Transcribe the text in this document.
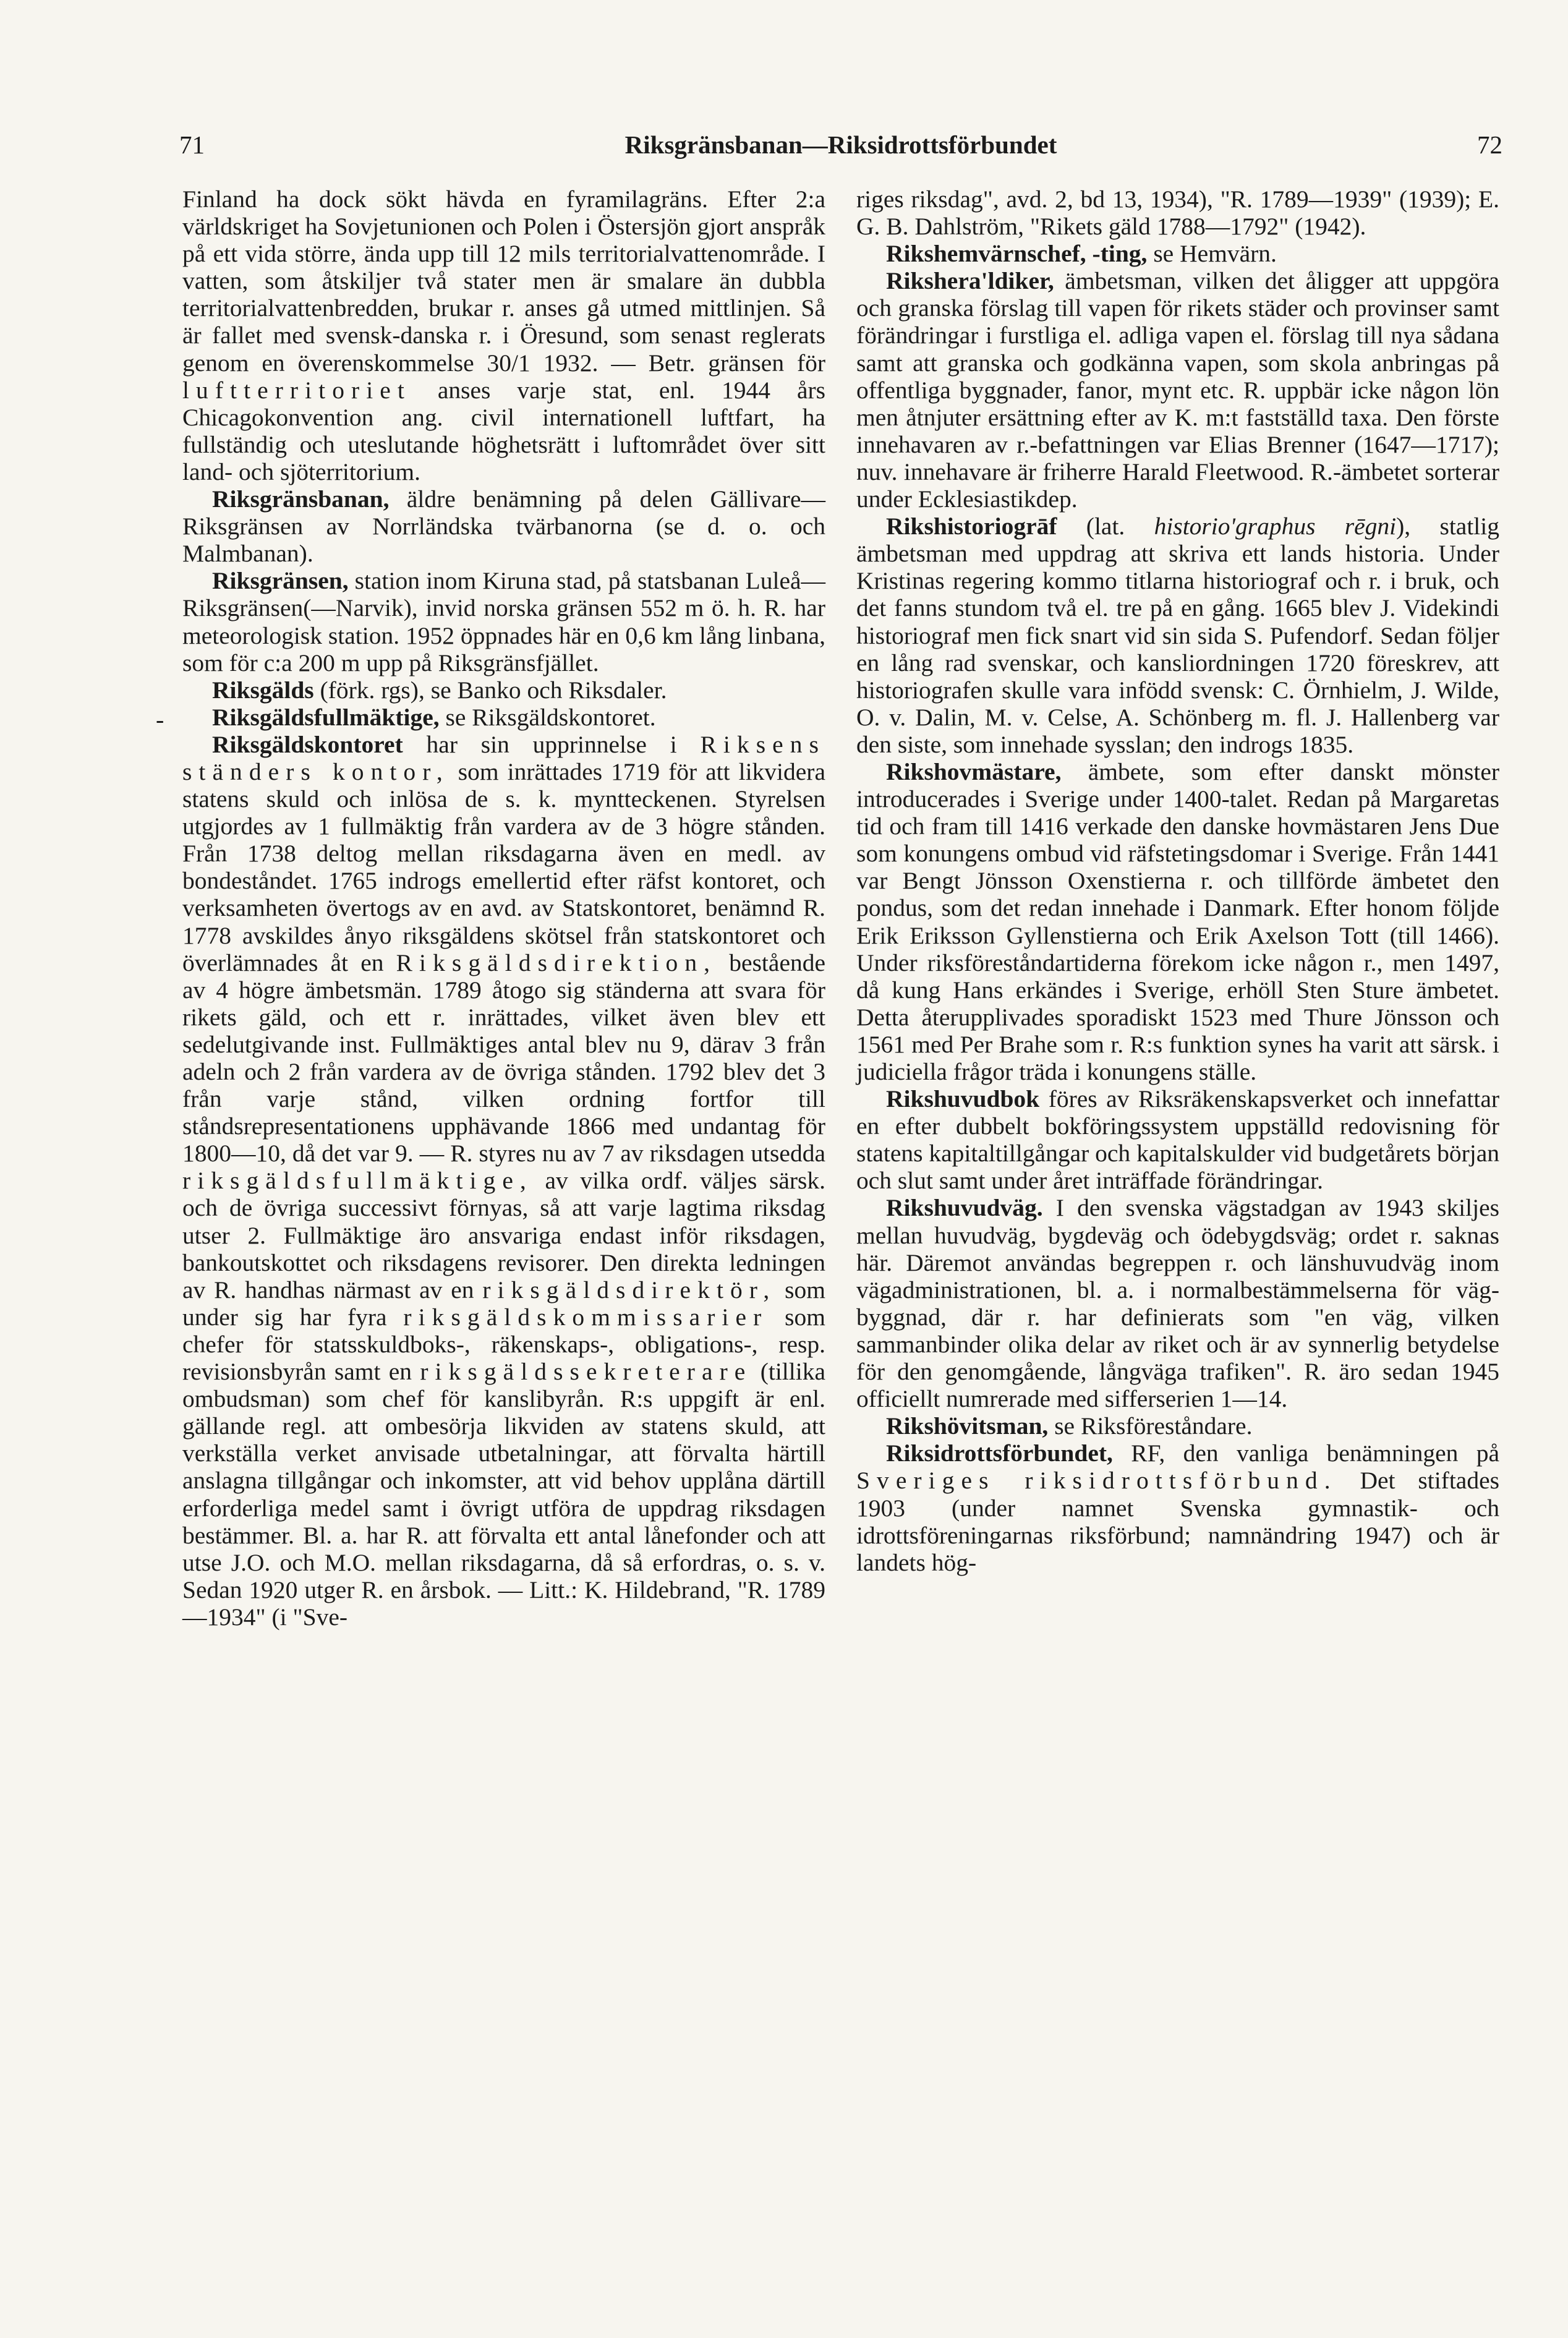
71	Riksgränsbanan—Riksidrottsförbundet	72
-

Finland ha dock sökt hävda en fyramilagräns. Efter 2:a världskriget ha Sovjetunionen och Polen i Östersjön gjort anspråk på ett vida större, ända upp till 12 mils territorialvattenområde. I vatten, som åtskiljer två stater men är smalare än dubbla territorialvattenbredden, brukar r. anses gå utmed mittlinjen. Så är fallet med svensk-danska r. i Öresund, som senast reglerats genom en överenskommelse 30/1 1932. — Betr. gränsen för luftterritoriet anses varje stat, enl. 1944 års Chicagokonvention ang. civil internationell luftfart, ha fullständig och uteslutande höghetsrätt i luftområdet över sitt land- och sjöterritorium.

Riksgränsbanan, äldre benämning på delen Gällivare—Riksgränsen av Norrländska tvärbanorna (se d. o. och Malmbanan).

Riksgränsen, station inom Kiruna stad, på statsbanan Luleå—Riksgränsen(—Narvik), invid norska gränsen 552 m ö. h. R. har meteorologisk station. 1952 öppnades här en 0,6 km lång linbana, som för c:a 200 m upp på Riksgränsfjället.

Riksgälds (förk. rgs), se Banko och Riksdaler.

Riksgäldsfullmäktige, se Riksgäldskontoret.

Riksgäldskontoret har sin upprinnelse i Riksens ständers kontor, som inrättades 1719 för att likvidera statens skuld och inlösa de s. k. myntteckenen. Styrelsen utgjordes av 1 fullmäktig från vardera av de 3 högre stånden. Från 1738 deltog mellan riksdagarna även en medl. av bondeståndet. 1765 indrogs emellertid efter räfst kontoret, och verksamheten övertogs av en avd. av Statskontoret, benämnd R. 1778 avskildes ånyo riksgäldens skötsel från statskontoret och överlämnades åt en Riksgäldsdirektion, bestående av 4 högre ämbetsmän. 1789 åtogo sig ständerna att svara för rikets gäld, och ett r. inrättades, vilket även blev ett sedelutgivande inst. Fullmäktiges antal blev nu 9, därav 3 från adeln och 2 från vardera av de övriga stånden. 1792 blev det 3 från varje stånd, vilken ordning fortfor till ståndsrepresentationens upphävande 1866 med undantag för 1800—10, då det var 9. — R. styres nu av 7 av riksdagen utsedda riksgäldsfullmäktige, av vilka ordf. väljes särsk. och de övriga successivt förnyas, så att varje lagtima riksdag utser 2. Fullmäktige äro ansvariga endast inför riksdagen, bankoutskottet och riksdagens revisorer. Den direkta ledningen av R. handhas närmast av en riksgäldsdirektör, som under sig har fyra riksgäldskommissarier som chefer för statsskuldboks-, räkenskaps-, obligations-, resp. revisionsbyrån samt en riksgäldssekreterare (tillika ombudsman) som chef för kanslibyrån. R:s uppgift är enl. gällande regl. att ombesörja likviden av statens skuld, att verkställa verket anvisade utbetalningar, att förvalta härtill anslagna tillgångar och inkomster, att vid behov upplåna därtill erforderliga medel samt i övrigt utföra de uppdrag riksdagen bestämmer. Bl. a. har R. att förvalta ett antal lånefonder och att utse J.O. och M.O. mellan riksdagarna, då så erfordras, o. s. v. Sedan 1920 utger R. en årsbok. — Litt.: K. Hildebrand, "R. 1789—1934" (i "Sve-

riges riksdag", avd. 2, bd 13, 1934), "R. 1789—1939" (1939); E. G. B. Dahlström, "Rikets gäld 1788—1792" (1942).

Rikshemvärnschef, -ting, se Hemvärn.

Rikshera'ldiker, ämbetsman, vilken det åligger att uppgöra och granska förslag till vapen för rikets städer och provinser samt förändringar i furstliga el. adliga vapen el. förslag till nya sådana samt att granska och godkänna vapen, som skola anbringas på offentliga byggnader, fanor, mynt etc. R. uppbär icke någon lön men åtnjuter ersättning efter av K. m:t fastställd taxa. Den förste innehavaren av r.-befattningen var Elias Brenner (1647—1717); nuv. innehavare är friherre Harald Fleetwood. R.-ämbetet sorterar under Ecklesiastikdep.

Rikshistoriogrāf (lat. historio'graphus rēgni), statlig ämbetsman med uppdrag att skriva ett lands historia. Under Kristinas regering kommo titlarna historiograf och r. i bruk, och det fanns stundom två el. tre på en gång. 1665 blev J. Videkindi historiograf men fick snart vid sin sida S. Pufendorf. Sedan följer en lång rad svenskar, och kansliordningen 1720 föreskrev, att historiografen skulle vara infödd svensk: C. Örnhielm, J. Wilde, O. v. Dalin, M. v. Celse, A. Schönberg m. fl. J. Hallenberg var den siste, som innehade sysslan; den indrogs 1835.

Rikshovmästare, ämbete, som efter danskt mönster introducerades i Sverige under 1400-talet. Redan på Margaretas tid och fram till 1416 verkade den danske hovmästaren Jens Due som konungens ombud vid räfstetingsdomar i Sverige. Från 1441 var Bengt Jönsson Oxenstierna r. och tillförde ämbetet den pondus, som det redan innehade i Danmark. Efter honom följde Erik Eriksson Gyllenstierna och Erik Axelson Tott (till 1466). Under riksföreståndartiderna förekom icke någon r., men 1497, då kung Hans erkändes i Sverige, erhöll Sten Sture ämbetet. Detta återupplivades sporadiskt 1523 med Thure Jönsson och 1561 med Per Brahe som r. R:s funktion synes ha varit att särsk. i judiciella frågor träda i konungens ställe.

Rikshuvudbok föres av Riksräkenskapsverket och innefattar en efter dubbelt bokföringssystem uppställd redovisning för statens kapitaltillgångar och kapitalskulder vid budgetårets början och slut samt under året inträffade förändringar.

Rikshuvudväg. I den svenska vägstadgan av 1943 skiljes mellan huvudväg, bygdeväg och ödebygdsväg; ordet r. saknas här. Däremot användas begreppen r. och länshuvudväg inom vägadministrationen, bl. a. i normalbestämmelserna för väg-byggnad, där r. har definierats som "en väg, vilken sammanbinder olika delar av riket och är av synnerlig betydelse för den genomgående, långväga trafiken". R. äro sedan 1945 officiellt numrerade med sifferserien 1—14.

Rikshövitsman, se Riksföreståndare.

Riksidrottsförbundet, RF, den vanliga benämningen på Sveriges riksidrottsförbund. Det stiftades 1903 (under namnet Svenska gymnastik- och idrottsföreningarnas riksförbund; namnändring 1947) och är landets hög-
